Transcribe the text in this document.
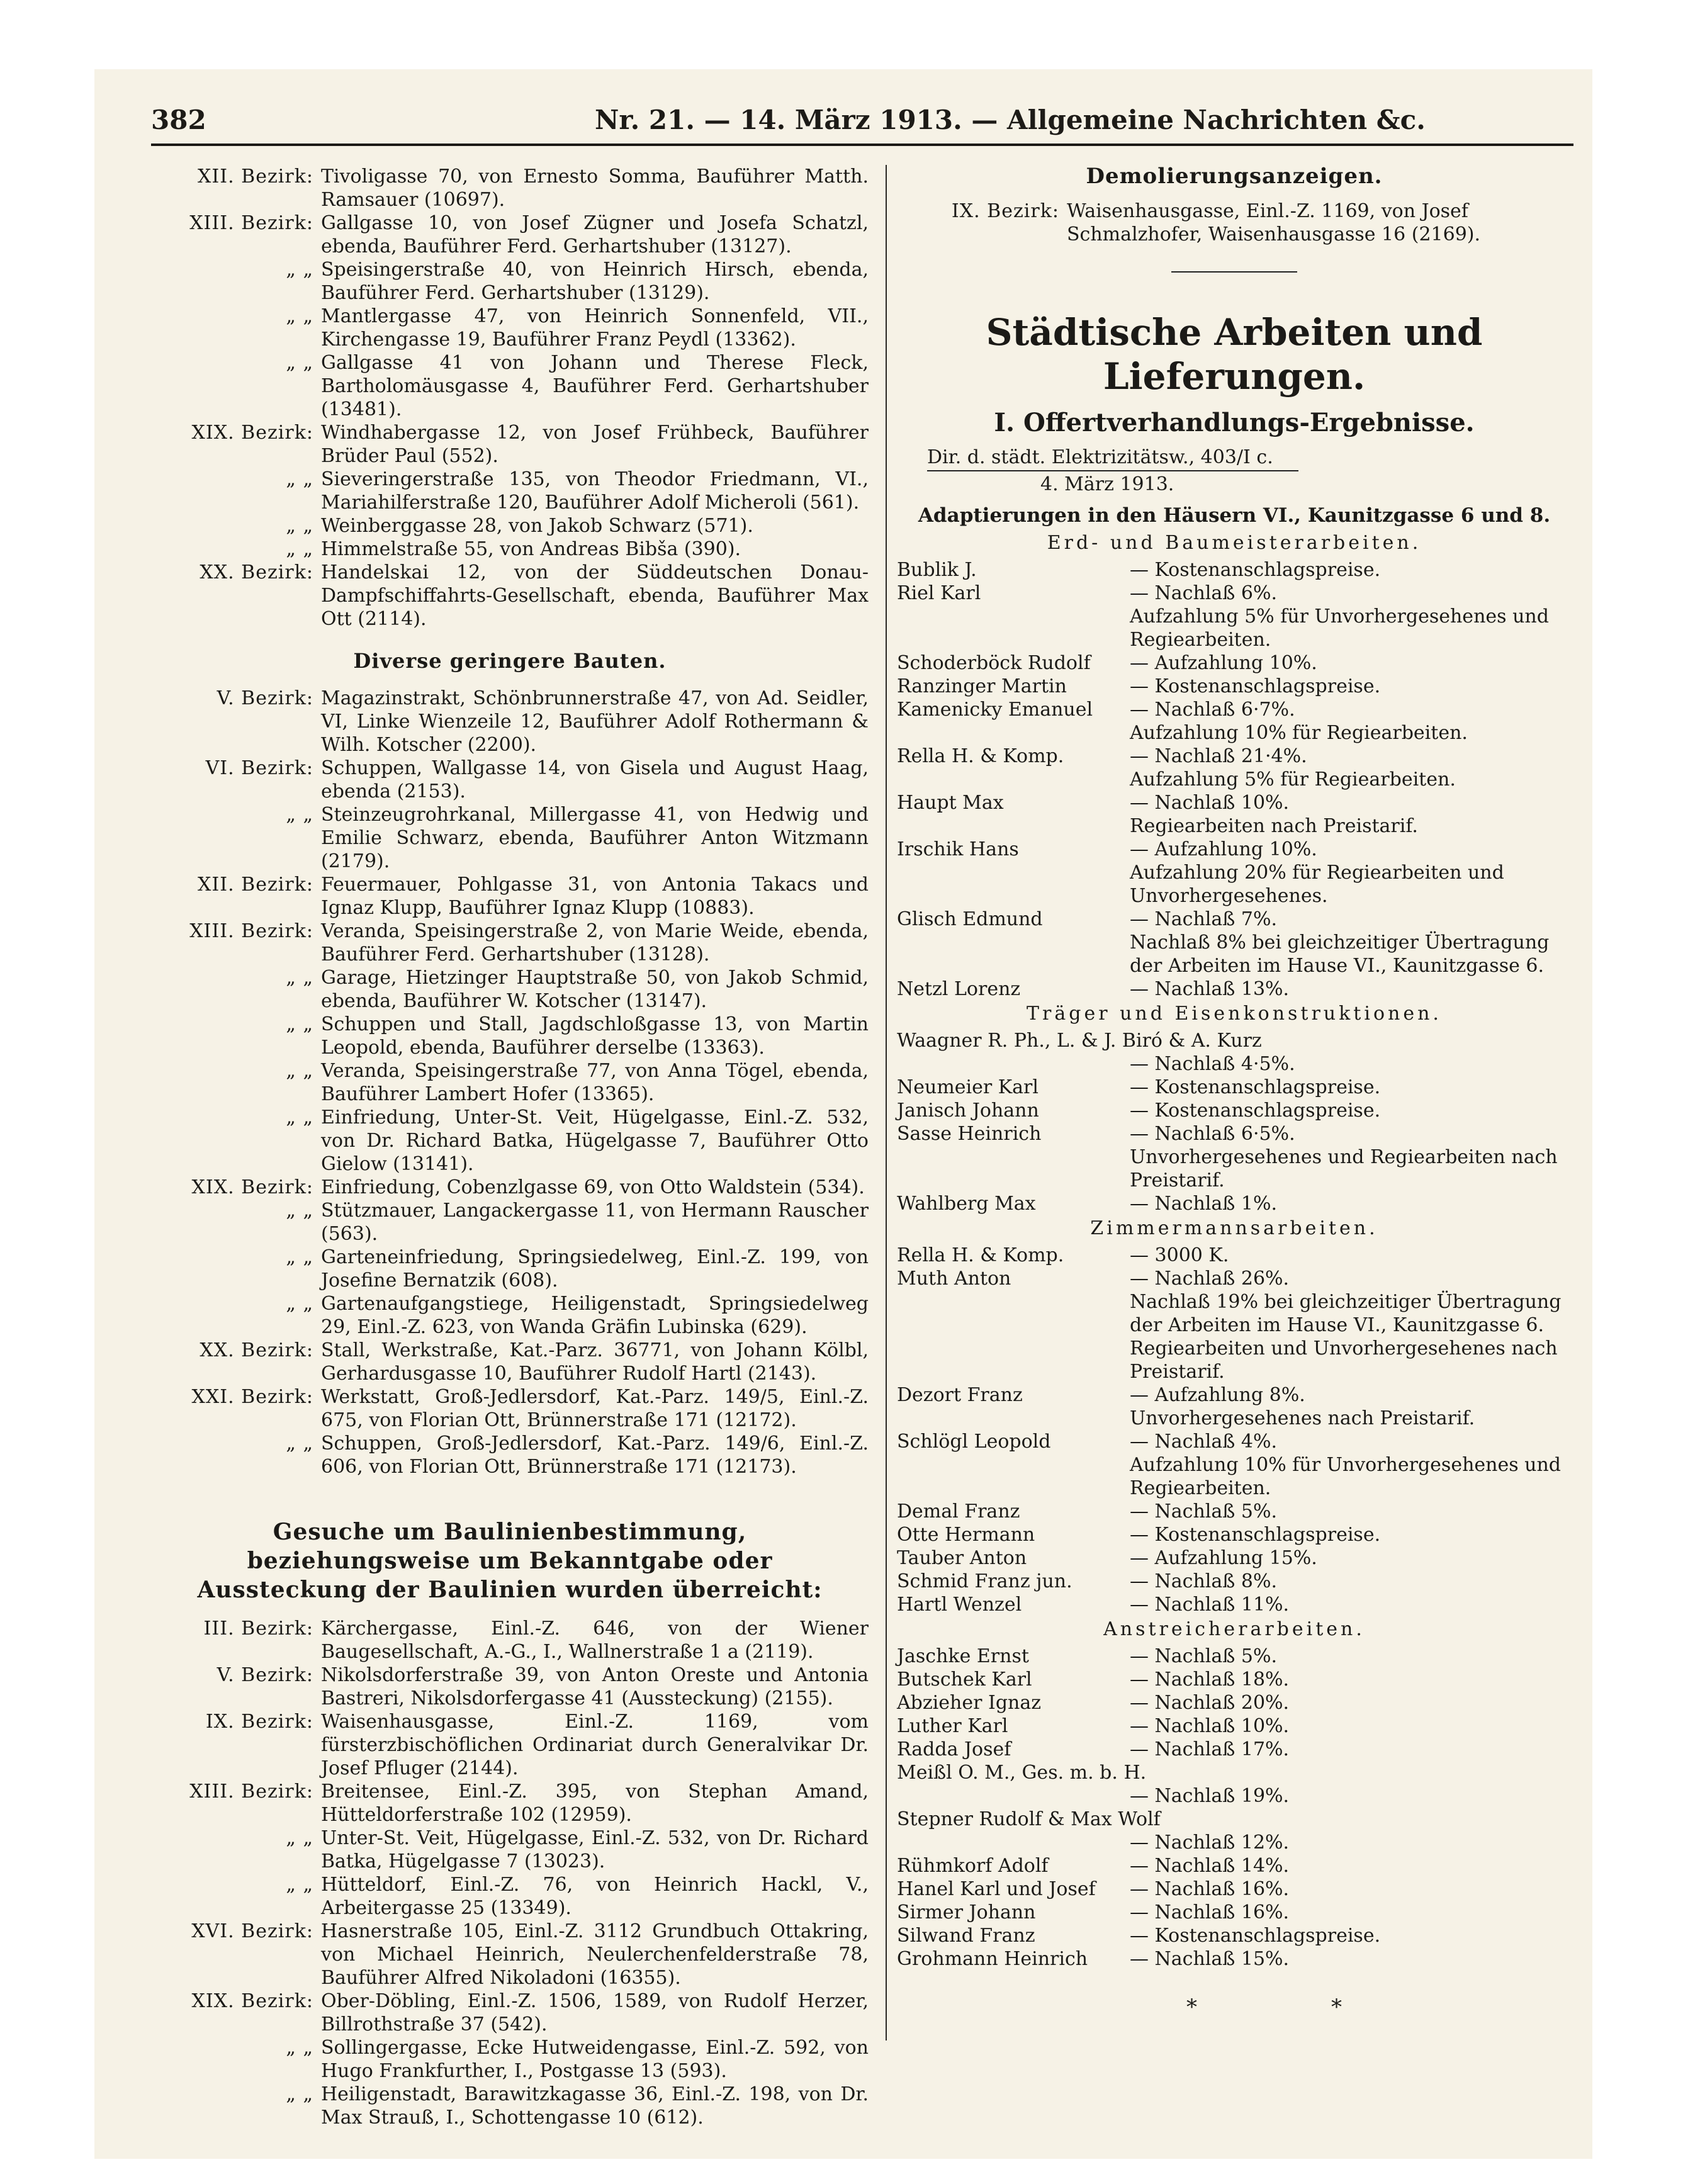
382	Nr. 21. — 14. März 1913. — Allgemeine Nachrichten &c.
XII. Bezirk: Tivoligasse 70, von Ernesto Somma, Bauführer Matth. Ramsauer (10697).
XIII. Bezirk: Gallgasse 10, von Josef Zügner und Josefa Schatzl, ebenda, Bauführer Ferd. Gerhartshuber (13127).
„ „ Speisingerstraße 40, von Heinrich Hirsch, ebenda, Bauführer Ferd. Gerhartshuber (13129).
„ „ Mantlergasse 47, von Heinrich Sonnenfeld, VII., Kirchengasse 19, Bauführer Franz Peydl (13362).
„ „ Gallgasse 41 von Johann und Therese Fleck, Bartholomäusgasse 4, Bauführer Ferd. Gerhartshuber (13481).
XIX. Bezirk: Windhabergasse 12, von Josef Frühbeck, Bauführer Brüder Paul (552).
„ „ Sieveringerstraße 135, von Theodor Friedmann, VI., Mariahilferstraße 120, Bauführer Adolf Micheroli (561).
„ „ Weinberggasse 28, von Jakob Schwarz (571).
„ „ Himmelstraße 55, von Andreas Bibša (390).
XX. Bezirk: Handelskai 12, von der Süddeutschen Donau-Dampfschiffahrts-Gesellschaft, ebenda, Bauführer Max Ott (2114).
Diverse geringere Bauten.
V. Bezirk: Magazinstrakt, Schönbrunnerstraße 47, von Ad. Seidler, VI, Linke Wienzeile 12, Bauführer Adolf Rothermann & Wilh. Kotscher (2200).
VI. Bezirk: Schuppen, Wallgasse 14, von Gisela und August Haag, ebenda (2153).
„ „ Steinzeugrohrkanal, Millergasse 41, von Hedwig und Emilie Schwarz, ebenda, Bauführer Anton Witzmann (2179).
XII. Bezirk: Feuermauer, Pohlgasse 31, von Antonia Takacs und Ignaz Klupp, Bauführer Ignaz Klupp (10883).
XIII. Bezirk: Veranda, Speisingerstraße 2, von Marie Weide, ebenda, Bauführer Ferd. Gerhartshuber (13128).
„ „ Garage, Hietzinger Hauptstraße 50, von Jakob Schmid, ebenda, Bauführer W. Kotscher (13147).
„ „ Schuppen und Stall, Jagdschloßgasse 13, von Martin Leopold, ebenda, Bauführer derselbe (13363).
„ „ Veranda, Speisingerstraße 77, von Anna Tögel, ebenda, Bauführer Lambert Hofer (13365).
„ „ Einfriedung, Unter-St. Veit, Hügelgasse, Einl.-Z. 532, von Dr. Richard Batka, Hügelgasse 7, Bauführer Otto Gielow (13141).
XIX. Bezirk: Einfriedung, Cobenzlgasse 69, von Otto Waldstein (534).
„ „ Stützmauer, Langackergasse 11, von Hermann Rauscher (563).
„ „ Garteneinfriedung, Springsiedelweg, Einl.-Z. 199, von Josefine Bernatzik (608).
„ „ Gartenaufgangstiege, Heiligenstadt, Springsiedelweg 29, Einl.-Z. 623, von Wanda Gräfin Lubinska (629).
XX. Bezirk: Stall, Werkstraße, Kat.-Parz. 36771, von Johann Kölbl, Gerhardusgasse 10, Bauführer Rudolf Hartl (2143).
XXI. Bezirk: Werkstatt, Groß-Jedlersdorf, Kat.-Parz. 149/5, Einl.-Z. 675, von Florian Ott, Brünnerstraße 171 (12172).
„ „ Schuppen, Groß-Jedlersdorf, Kat.-Parz. 149/6, Einl.-Z. 606, von Florian Ott, Brünnerstraße 171 (12173).
Gesuche um Baulinienbestimmung, beziehungsweise um Bekanntgabe oder Aussteckung der Baulinien wurden überreicht:
III. Bezirk: Kärchergasse, Einl.-Z. 646, von der Wiener Baugesellschaft, A.-G., I., Wallnerstraße 1 a (2119).
V. Bezirk: Nikolsdorferstraße 39, von Anton Oreste und Antonia Bastreri, Nikolsdorfergasse 41 (Aussteckung) (2155).
IX. Bezirk: Waisenhausgasse, Einl.-Z. 1169, vom fürsterzbischöflichen Ordinariat durch Generalvikar Dr. Josef Pfluger (2144).
XIII. Bezirk: Breitensee, Einl.-Z. 395, von Stephan Amand, Hütteldorferstraße 102 (12959).
„ „ Unter-St. Veit, Hügelgasse, Einl.-Z. 532, von Dr. Richard Batka, Hügelgasse 7 (13023).
„ „ Hütteldorf, Einl.-Z. 76, von Heinrich Hackl, V., Arbeitergasse 25 (13349).
XVI. Bezirk: Hasnerstraße 105, Einl.-Z. 3112 Grundbuch Ottakring, von Michael Heinrich, Neulerchenfelderstraße 78, Bauführer Alfred Nikoladoni (16355).
XIX. Bezirk: Ober-Döbling, Einl.-Z. 1506, 1589, von Rudolf Herzer, Billrothstraße 37 (542).
„ „ Sollingergasse, Ecke Hutweidengasse, Einl.-Z. 592, von Hugo Frankfurther, I., Postgasse 13 (593).
„ „ Heiligenstadt, Barawitzkagasse 36, Einl.-Z. 198, von Dr. Max Strauß, I., Schottengasse 10 (612).
Demolierungsanzeigen.
IX. Bezirk: Waisenhausgasse, Einl.-Z. 1169, von Josef Schmalzhofer, Waisenhausgasse 16 (2169).
Städtische Arbeiten und Lieferungen.
I. Offertverhandlungs-Ergebnisse.
Dir. d. städt. Elektrizitätsw., 403/I c.
4. März 1913.
Adaptierungen in den Häusern VI., Kaunitzgasse 6 und 8.
Erd- und Baumeisterarbeiten.
Bublik J.	— Kostenanschlagspreise.
Riel Karl	— Nachlaß 6%.
Aufzahlung 5% für Unvorhergesehenes und Regiearbeiten.
Schoderböck Rudolf	— Aufzahlung 10%.
Ranzinger Martin	— Kostenanschlagspreise.
Kamenicky Emanuel	— Nachlaß 6·7%.
Aufzahlung 10% für Regiearbeiten.
Rella H. & Komp.	— Nachlaß 21·4%.
Aufzahlung 5% für Regiearbeiten.
Haupt Max	— Nachlaß 10%.
Regiearbeiten nach Preistarif.
Irschik Hans	— Aufzahlung 10%.
Aufzahlung 20% für Regiearbeiten und Unvorhergesehenes.
Glisch Edmund	— Nachlaß 7%.
Nachlaß 8% bei gleichzeitiger Übertragung der Arbeiten im Hause VI., Kaunitzgasse 6.
Netzl Lorenz	— Nachlaß 13%.
Träger und Eisenkonstruktionen.
Waagner R. Ph., L. & J. Biró & A. Kurz
— Nachlaß 4·5%.
Neumeier Karl	— Kostenanschlagspreise.
Janisch Johann	— Kostenanschlagspreise.
Sasse Heinrich	— Nachlaß 6·5%.
Unvorhergesehenes und Regiearbeiten nach Preistarif.
Wahlberg Max	— Nachlaß 1%.
Zimmermannsarbeiten.
Rella H. & Komp.	— 3000 K.
Muth Anton	— Nachlaß 26%.
Nachlaß 19% bei gleichzeitiger Übertragung der Arbeiten im Hause VI., Kaunitzgasse 6.
Regiearbeiten und Unvorhergesehenes nach Preistarif.
Dezort Franz	— Aufzahlung 8%.
Unvorhergesehenes nach Preistarif.
Schlögl Leopold	— Nachlaß 4%.
Aufzahlung 10% für Unvorhergesehenes und Regiearbeiten.
Demal Franz	— Nachlaß 5%.
Otte Hermann	— Kostenanschlagspreise.
Tauber Anton	— Aufzahlung 15%.
Schmid Franz jun.	— Nachlaß 8%.
Hartl Wenzel	— Nachlaß 11%.
Anstreicherarbeiten.
Jaschke Ernst	— Nachlaß 5%.
Butschek Karl	— Nachlaß 18%.
Abzieher Ignaz	— Nachlaß 20%.
Luther Karl	— Nachlaß 10%.
Radda Josef	— Nachlaß 17%.
Meißl O. M., Ges. m. b. H.
— Nachlaß 19%.
Stepner Rudolf & Max Wolf
— Nachlaß 12%.
Rühmkorf Adolf	— Nachlaß 14%.
Hanel Karl und Josef	— Nachlaß 16%.
Sirmer Johann	— Nachlaß 16%.
Silwand Franz	— Kostenanschlagspreise.
Grohmann Heinrich	— Nachlaß 15%.
*	*
